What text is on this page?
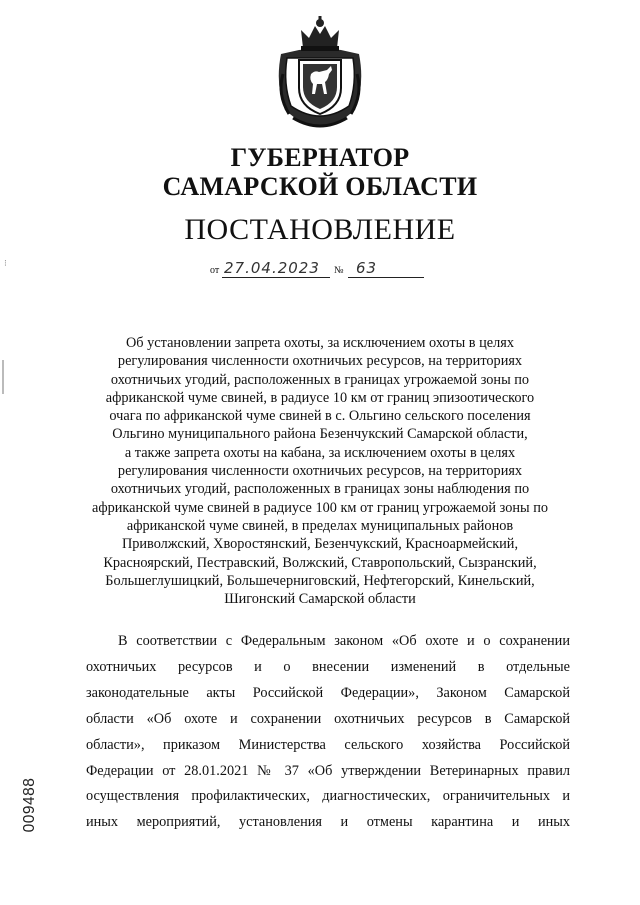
ГУБЕРНАТОР
САМАРСКОЙ ОБЛАСТИ
ПОСТАНОВЛЕНИЕ
от 27.04.2023 № 63
⁝
Об установлении запрета охоты, за исключением охоты в целях
регулирования численности охотничьих ресурсов, на территориях
охотничьих угодий, расположенных в границах угрожаемой зоны по
африканской чуме свиней, в радиусе 10 км от границ эпизоотического
очага по африканской чуме свиней в с. Ольгино сельского поселения
Ольгино муниципального района Безенчукский Самарской области,
а также запрета охоты на кабана, за исключением охоты в целях
регулирования численности охотничьих ресурсов, на территориях
охотничьих угодий, расположенных в границах зоны наблюдения по
африканской чуме свиней в радиусе 100 км от границ угрожаемой зоны по
африканской чуме свиней, в пределах муниципальных районов
Приволжский, Хворостянский, Безенчукский, Красноармейский,
Красноярский, Пестравский, Волжский, Ставропольский, Сызранский,
Большеглушицкий, Большечерниговский, Нефтегорский, Кинельский,
Шигонский Самарской области
В соответствии с Федеральным законом «Об охоте и о сохранении
охотничьих ресурсов и о внесении изменений в отдельные
законодательные акты Российской Федерации», Законом Самарской
области «Об охоте и сохранении охотничьих ресурсов в Самарской
области», приказом Министерства сельского хозяйства Российской
Федерации от 28.01.2021 № 37 «Об утверждении Ветеринарных правил
осуществления профилактических, диагностических, ограничительных и
иных мероприятий, установления и отмены карантина и иных
009488
